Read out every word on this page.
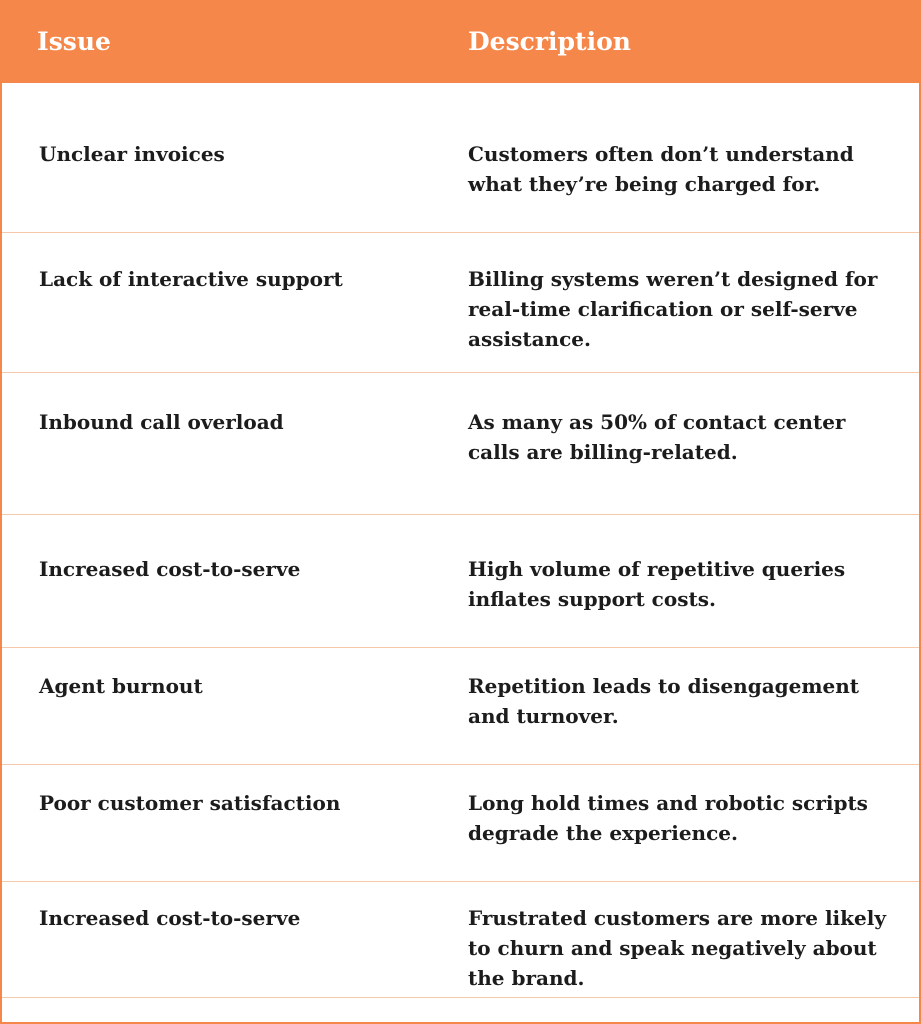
Issue	Description
Unclear invoices	Customers often don’t understand what they’re being charged for.
Lack of interactive support	Billing systems weren’t designed for real-time clarification or self-serve assistance.
Inbound call overload	As many as 50% of contact center calls are billing-related.
Increased cost-to-serve	High volume of repetitive queries inflates support costs.
Agent burnout	Repetition leads to disengagement and turnover.
Poor customer satisfaction	Long hold times and robotic scripts degrade the experience.
Increased cost-to-serve	Frustrated customers are more likely to churn and speak negatively about the brand.
